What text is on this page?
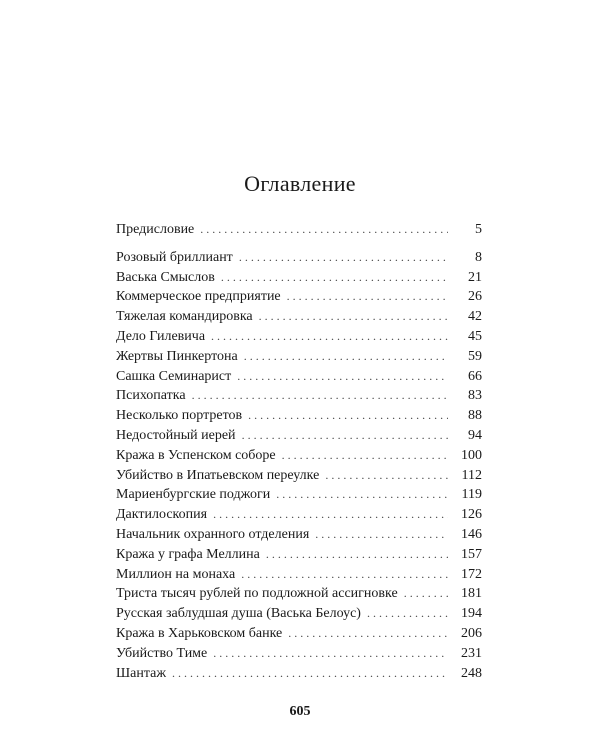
Оглавление
Предисловие . . .	5
Розовый бриллиант . . .	8
Васька Смыслов . . .	21
Коммерческое предприятие . . .	26
Тяжелая командировка . . .	42
Дело Гилевича . . .	45
Жертвы Пинкертона . . .	59
Сашка Семинарист . . .	66
Психопатка . . .	83
Несколько портретов . . .	88
Недостойный иерей . . .	94
Кража в Успенском соборе . . .	100
Убийство в Ипатьевском переулке . . .	112
Мариенбургские поджоги . . .	119
Дактилоскопия . . .	126
Начальник охранного отделения . . .	146
Кража у графа Меллина . . .	157
Миллион на монаха . . .	172
Триста тысяч рублей по подложной ассигновке . . .	181
Русская заблудшая душа (Васька Белоус) . . .	194
Кража в Харьковском банке . . .	206
Убийство Тиме . . .	231
Шантаж . . .	248
605
